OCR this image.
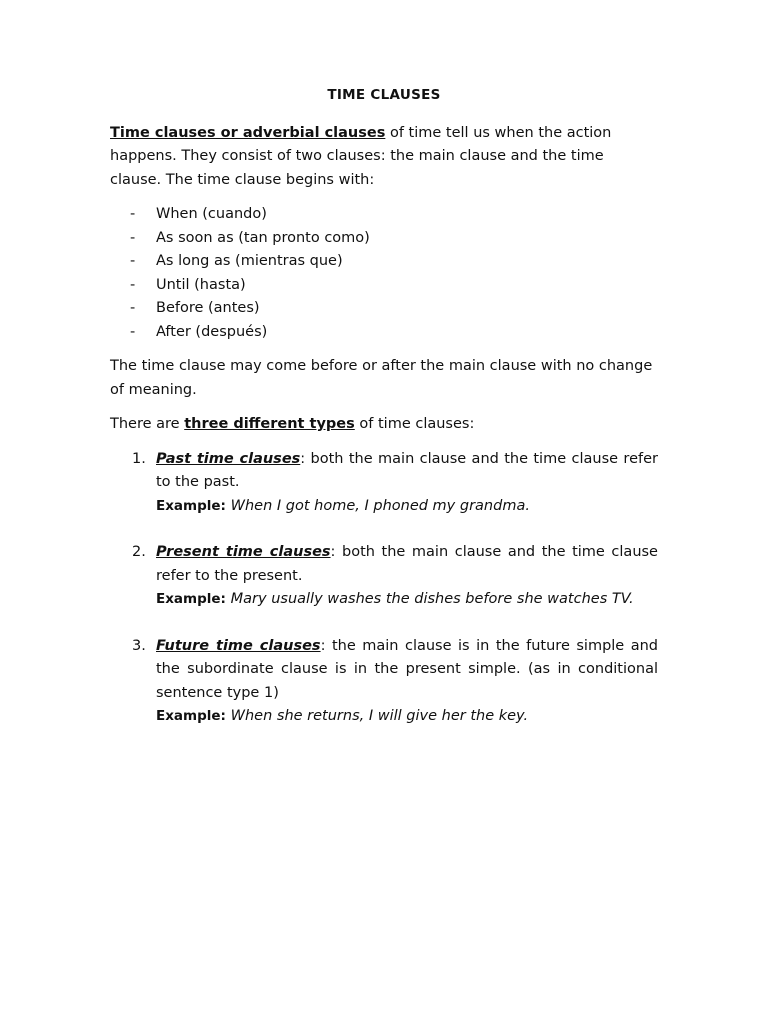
TIME CLAUSES

Time clauses or adverbial clauses of time tell us when the action happens. They consist of two clauses: the main clause and the time clause. The time clause begins with:

- When (cuando)
- As soon as (tan pronto como)
- As long as (mientras que)
- Until (hasta)
- Before (antes)
- After (después)

The time clause may come before or after the main clause with no change of meaning.

There are three different types of time clauses:

1. Past time clauses: both the main clause and the time clause refer to the past.
Example: When I got home, I phoned my grandma.
2. Present time clauses: both the main clause and the time clause refer to the present.
Example: Mary usually washes the dishes before she watches TV.
3. Future time clauses: the main clause is in the future simple and the subordinate clause is in the present simple. (as in conditional sentence type 1)
Example: When she returns, I will give her the key.
